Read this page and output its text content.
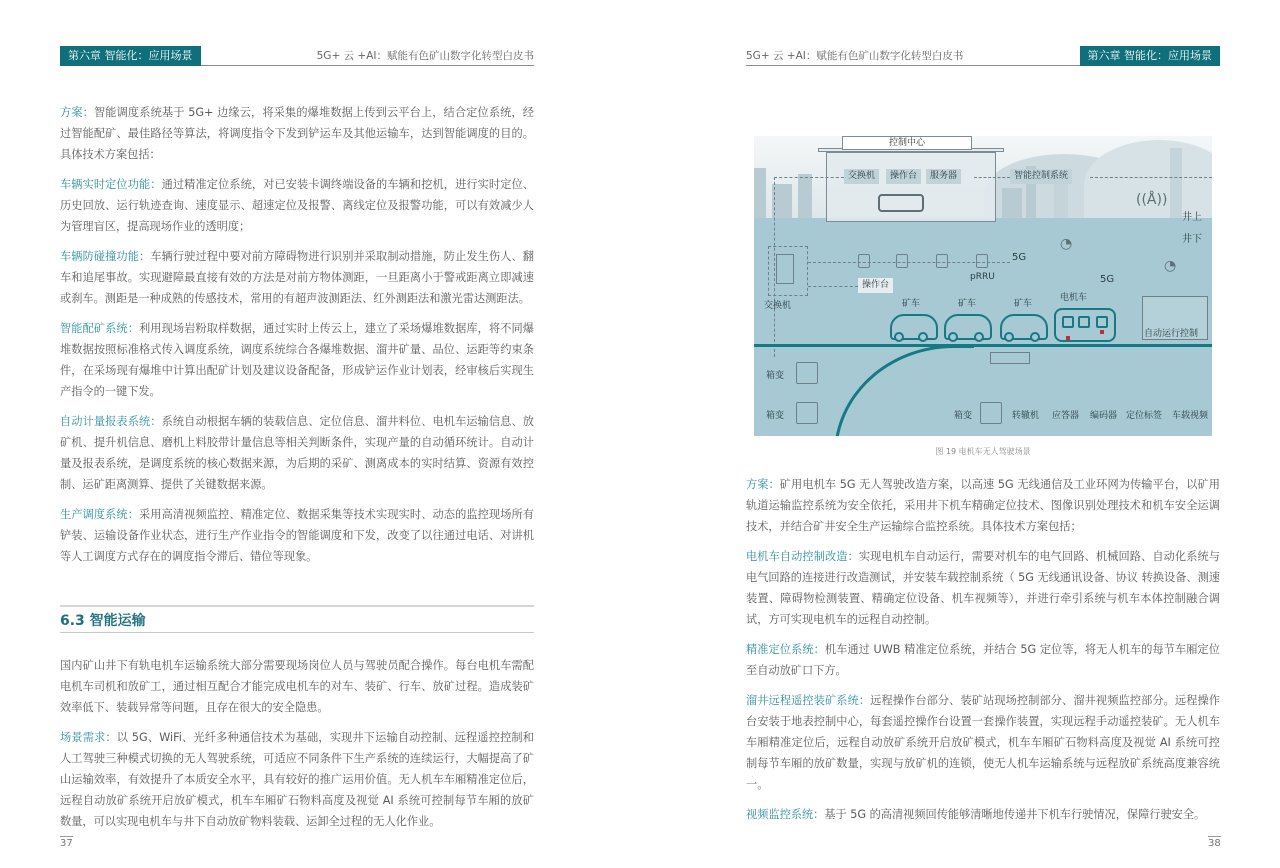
第六章 智能化：应用场景	5G+ 云 +AI：赋能有色矿山数字化转型白皮书

方案：智能调度系统基于 5G+ 边缘云，将采集的爆堆数据上传到云平台上，结合定位系统，经过智能配矿、最佳路径等算法，将调度指令下发到铲运车及其他运输车，达到智能调度的目的。具体技术方案包括：

车辆实时定位功能：通过精准定位系统，对已安装卡调终端设备的车辆和挖机，进行实时定位、历史回放、运行轨迹查询、速度显示、超速定位及报警、离线定位及报警功能，可以有效减少人为管理盲区，提高现场作业的透明度；

车辆防碰撞功能：车辆行驶过程中要对前方障碍物进行识别并采取制动措施，防止发生伤人、翻车和追尾事故。实现避障最直接有效的方法是对前方物体测距，一旦距离小于警戒距离立即减速或刹车。测距是一种成熟的传感技术，常用的有超声波测距法、红外测距法和激光雷达测距法。

智能配矿系统：利用现场岩粉取样数据，通过实时上传云上，建立了采场爆堆数据库，将不同爆堆数据按照标准格式传入调度系统，调度系统综合各爆堆数据、溜井矿量、品位、运距等约束条件，在采场现有爆堆中计算出配矿计划及建议设备配备，形成铲运作业计划表，经审核后实现生产指令的一键下发。

自动计量报表系统：系统自动根据车辆的装载信息、定位信息、溜井料位、电机车运输信息、放矿机、提升机信息、磨机上料胶带计量信息等相关判断条件，实现产量的自动循环统计。自动计量及报表系统，是调度系统的核心数据来源，为后期的采矿、测离成本的实时结算、资源有效控制、运矿距离测算、提供了关键数据来源。

生产调度系统：采用高清视频监控、精准定位、数据采集等技术实现实时、动态的监控现场所有铲装、运输设备作业状态，进行生产作业指令的智能调度和下发，改变了以往通过电话、对讲机等人工调度方式存在的调度指令滞后、错位等现象。

6.3 智能运输

国内矿山井下有轨电机车运输系统大部分需要现场岗位人员与驾驶员配合操作。每台电机车需配电机车司机和放矿工，通过相互配合才能完成电机车的对车、装矿、行车、放矿过程。造成装矿效率低下、装载异常等问题，且存在很大的安全隐患。

场景需求：以 5G、WiFi、光纤多种通信技术为基础，实现井下运输自动控制、远程遥控控制和人工驾驶三种模式切换的无人驾驶系统，可适应不同条件下生产系统的连续运行，大幅提高了矿山运输效率，有效提升了本质安全水平，具有较好的推广运用价值。无人机车车厢精准定位后，远程自动放矿系统开启放矿模式，机车车厢矿石物料高度及视觉 AI 系统可控制每节车厢的放矿数量，可以实现电机车与井下自动放矿物料装载、运卸全过程的无人化作业。

37
5G+ 云 +AI：赋能有色矿山数字化转型白皮书	第六章 智能化：应用场景
控制中心
交换机	操作台	服务器	智能控制系统
((Å))
井上
井下
交换机
5G
pRRU
操作台	5G
◔
◔
矿车	矿车	矿车
电机车
自动运行控制
箱变
箱变	箱变	转辙机 应答器 编码器 定位标签 车载视频
图 19 电机车无人驾驶场景

方案：矿用电机车 5G 无人驾驶改造方案，以高速 5G 无线通信及工业环网为传输平台，以矿用轨道运输监控系统为安全依托，采用井下机车精确定位技术、图像识别处理技术和机车安全运调技术，并结合矿井安全生产运输综合监控系统。具体技术方案包括；

电机车自动控制改造：实现电机车自动运行，需要对机车的电气回路、机械回路、自动化系统与电气回路的连接进行改造测试，并安装车载控制系统（ 5G 无线通讯设备、协议 转换设备、测速装置、障碍物检测装置、精确定位设备、机车视频等），并进行牵引系统与机车本体控制融合调试，方可实现电机车的远程自动控制。

精准定位系统：机车通过 UWB 精准定位系统，并结合 5G 定位等，将无人机车的每节车厢定位至自动放矿口下方。

溜井远程遥控装矿系统：远程操作台部分、装矿站现场控制部分、溜井视频监控部分。远程操作台安装于地表控制中心，每套遥控操作台设置一套操作装置，实现远程手动遥控装矿。无人机车车厢精准定位后，远程自动放矿系统开启放矿模式，机车车厢矿石物料高度及视觉 AI 系统可控制每节车厢的放矿数量，实现与放矿机的连锁，使无人机车运输系统与远程放矿系统高度兼容统一。

视频监控系统：基于 5G 的高清视频回传能够清晰地传递井下机车行驶情况，保障行驶安全。

38
